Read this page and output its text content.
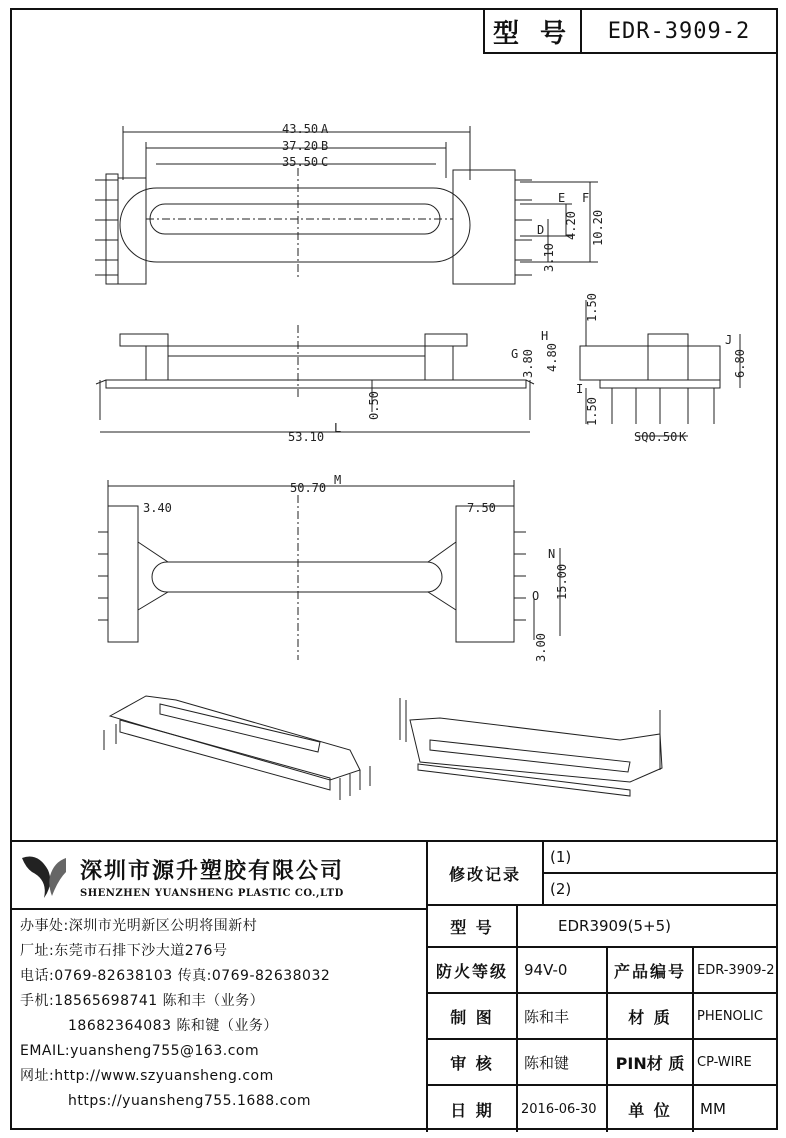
型 号	EDR-3909-2
43.50 A
37.20 B
35.50 C
D
E F
4.20 10.20
3.10
1.50
H
G 3.80 4.80
J
6.80
I
1.50
SQ0.50 K
53.10
L
0.50
50.70
M
3.40	7.50
N
15.00
O
3.00
深圳市源升塑胶有限公司
SHENZHEN YUANSHENG PLASTIC CO.,LTD
办事处:深圳市光明新区公明将围新村
厂址:东莞市石排下沙大道276号
电话:0769-82638103 传真:0769-82638032
手机:18565698741 陈和丰（业务）
18682364083 陈和键（业务）
EMAIL:yuansheng755@163.com
网址:http://www.szyuansheng.com
https://yuansheng755.1688.com
修改记录
(1)
(2)
型 号	EDR3909(5+5)
防火等级	94V-0	产品编号 EDR-3909-2
制 图	陈和丰	材 质	PHENOLIC
审 核	陈和键	PIN材 质 CP-WIRE
日 期	2016-06-30	单 位	MM
